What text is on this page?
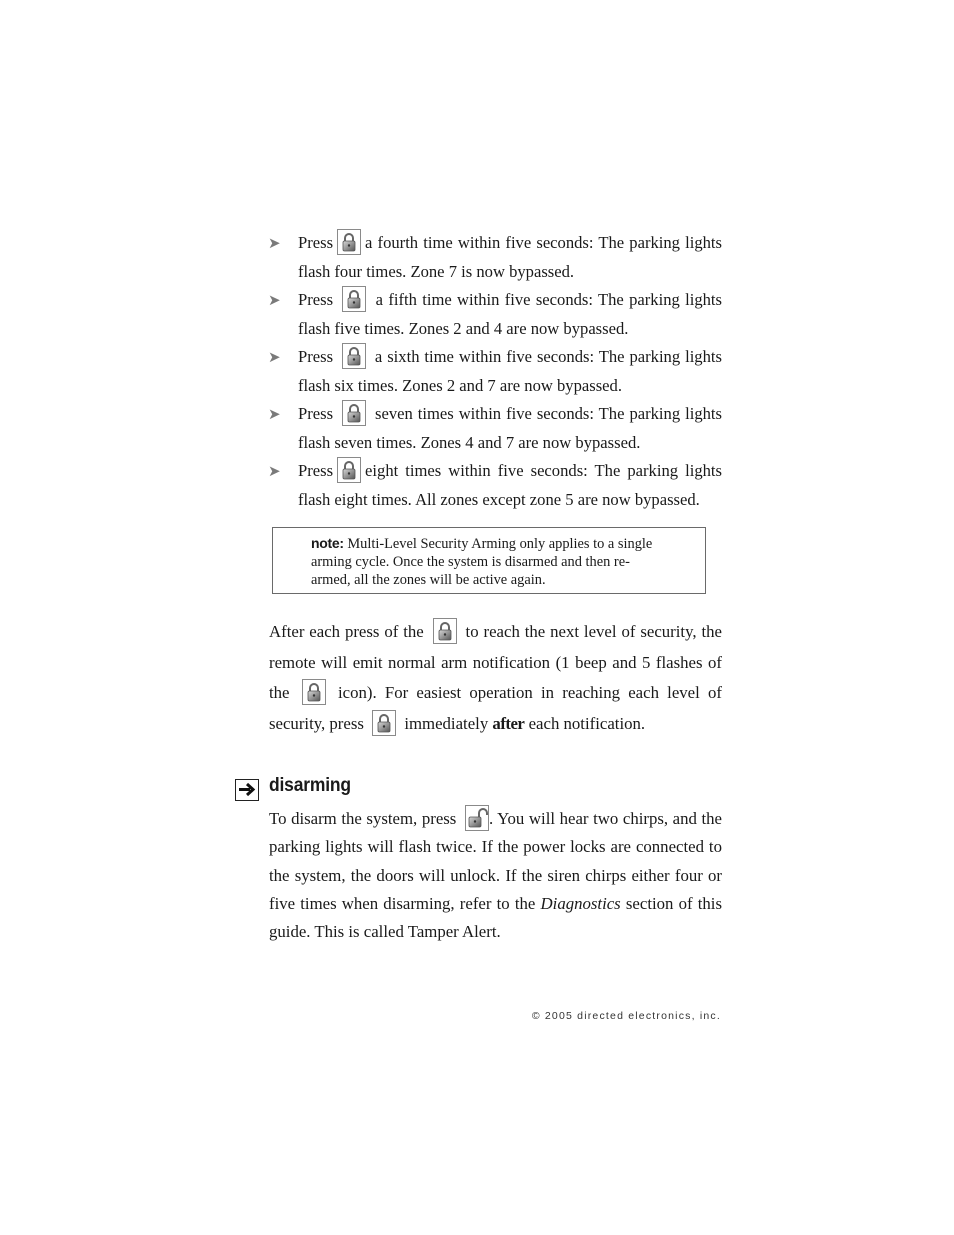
➤ Press a fourth time within five seconds: The parking lights flash four times. Zone 7 is now bypassed.
➤ Press	a fifth time within five seconds: The parking lights flash five times. Zones 2 and 4 are now bypassed.
➤ Press	a sixth time within five seconds: The parking lights flash six times. Zones 2 and 7 are now bypassed.
➤ Press	seven times within five seconds: The parking lights flash seven times. Zones 4 and 7 are now bypassed.
➤ Press eight times within five seconds: The parking lights flash eight times. All zones except zone 5 are now bypassed.
note: Multi-Level Security Arming only applies to a single arming cycle. Once the system is disarmed and then re-armed, all the zones will be active again.

After each press of the to reach the next level of security, the remote will emit normal arm notification (1 beep and 5 flashes of the	icon). For easiest operation in reaching each level of security, press immediately after each notification.

disarming

To disarm the system, press . You will hear two chirps, and the parking lights will flash twice. If the power locks are connected to the system, the doors will unlock. If the siren chirps either four or five times when disarming, refer to the Diagnostics section of this guide. This is called Tamper Alert.

© 2005 directed electronics, inc.
